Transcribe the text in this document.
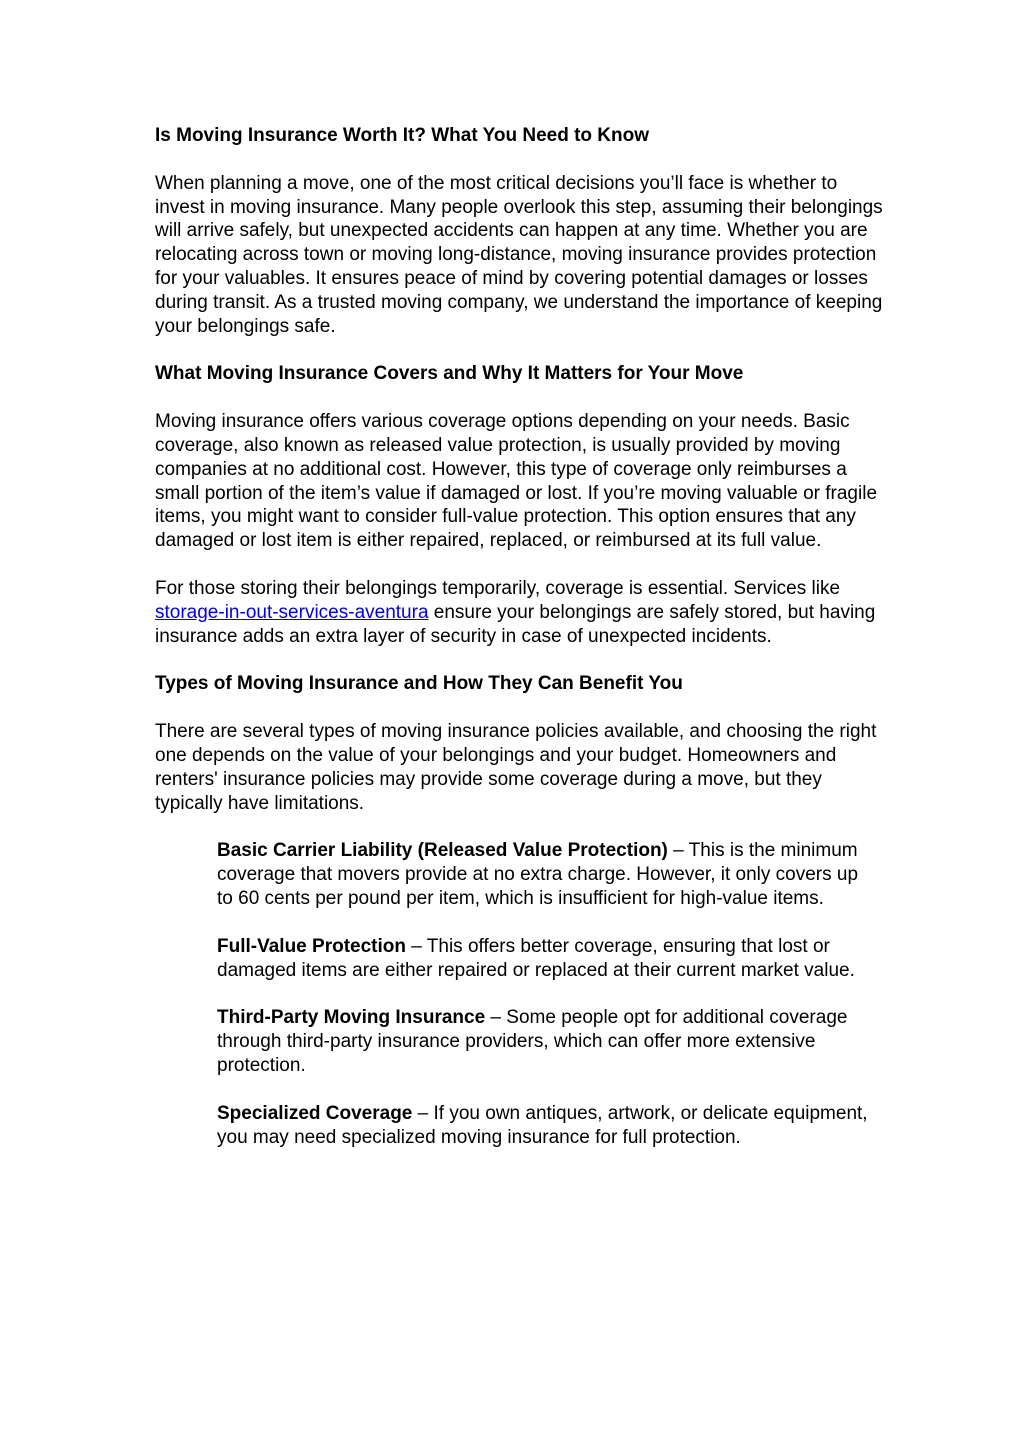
Is Moving Insurance Worth It? What You Need to Know

When planning a move, one of the most critical decisions you’ll face is whether to invest in moving insurance. Many people overlook this step, assuming their belongings will arrive safely, but unexpected accidents can happen at any time. Whether you are relocating across town or moving long-distance, moving insurance provides protection for your valuables. It ensures peace of mind by covering potential damages or losses during transit. As a trusted moving company, we understand the importance of keeping your belongings safe.

What Moving Insurance Covers and Why It Matters for Your Move

Moving insurance offers various coverage options depending on your needs. Basic coverage, also known as released value protection, is usually provided by moving companies at no additional cost. However, this type of coverage only reimburses a small portion of the item’s value if damaged or lost. If you’re moving valuable or fragile items, you might want to consider full-value protection. This option ensures that any damaged or lost item is either repaired, replaced, or reimbursed at its full value.

For those storing their belongings temporarily, coverage is essential. Services like storage-in-out-services-aventura ensure your belongings are safely stored, but having insurance adds an extra layer of security in case of unexpected incidents.

Types of Moving Insurance and How They Can Benefit You

There are several types of moving insurance policies available, and choosing the right one depends on the value of your belongings and your budget. Homeowners and renters' insurance policies may provide some coverage during a move, but they typically have limitations.

Basic Carrier Liability (Released Value Protection) – This is the minimum coverage that movers provide at no extra charge. However, it only covers up to 60 cents per pound per item, which is insufficient for high-value items.
Full-Value Protection – This offers better coverage, ensuring that lost or damaged items are either repaired or replaced at their current market value.
Third-Party Moving Insurance – Some people opt for additional coverage through third-party insurance providers, which can offer more extensive protection.
Specialized Coverage – If you own antiques, artwork, or delicate equipment, you may need specialized moving insurance for full protection.
